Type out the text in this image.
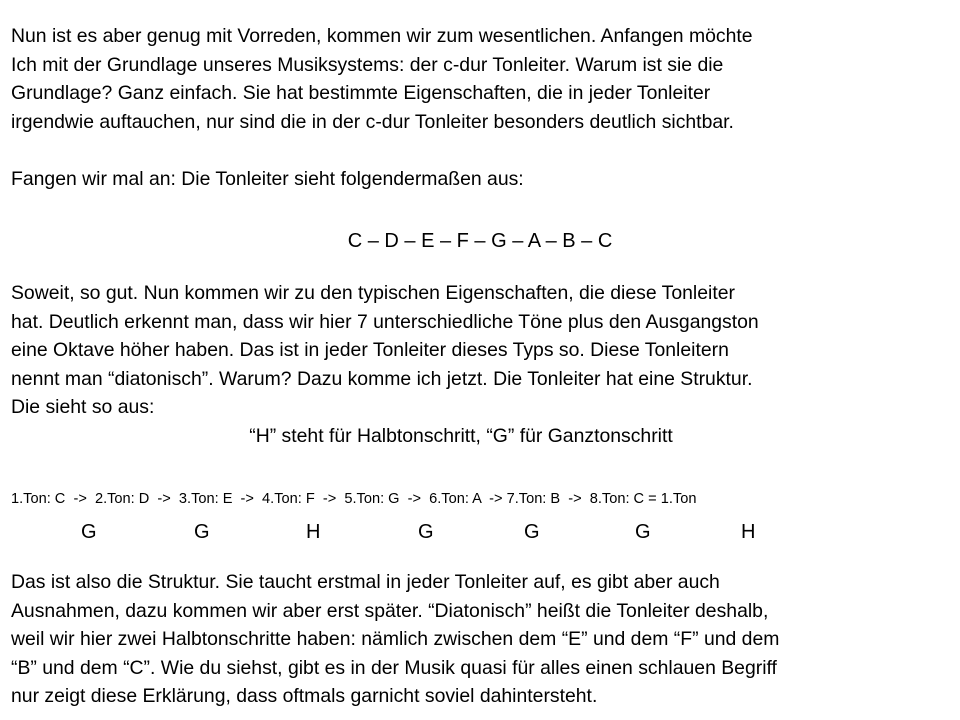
Nun ist es aber genug mit Vorreden, kommen wir zum wesentlichen. Anfangen möchte
Ich mit der Grundlage unseres Musiksystems: der c-dur Tonleiter. Warum ist sie die
Grundlage? Ganz einfach. Sie hat bestimmte Eigenschaften, die in jeder Tonleiter
irgendwie auftauchen, nur sind die in der c-dur Tonleiter besonders deutlich sichtbar.
Fangen wir mal an: Die Tonleiter sieht folgendermaßen aus:
C – D – E – F – G – A – B – C
Soweit, so gut. Nun kommen wir zu den typischen Eigenschaften, die diese Tonleiter
hat. Deutlich erkennt man, dass wir hier 7 unterschiedliche Töne plus den Ausgangston
eine Oktave höher haben. Das ist in jeder Tonleiter dieses Typs so. Diese Tonleitern
nennt man “diatonisch”. Warum? Dazu komme ich jetzt. Die Tonleiter hat eine Struktur.
Die sieht so aus:
“H” steht für Halbtonschritt, “G” für Ganztonschritt
1.Ton: C  ->  2.Ton: D  ->  3.Ton: E  ->  4.Ton: F  ->  5.Ton: G  ->  6.Ton: A  -> 7.Ton: B  ->  8.Ton: C = 1.Ton
G	G	H	G	G	G	H
Das ist also die Struktur. Sie taucht erstmal in jeder Tonleiter auf, es gibt aber auch
Ausnahmen, dazu kommen wir aber erst später. “Diatonisch” heißt die Tonleiter deshalb,
weil wir hier zwei Halbtonschritte haben: nämlich zwischen dem “E” und dem “F” und dem
“B” und dem “C”. Wie du siehst, gibt es in der Musik quasi für alles einen schlauen Begriff
nur zeigt diese Erklärung, dass oftmals garnicht soviel dahintersteht.
